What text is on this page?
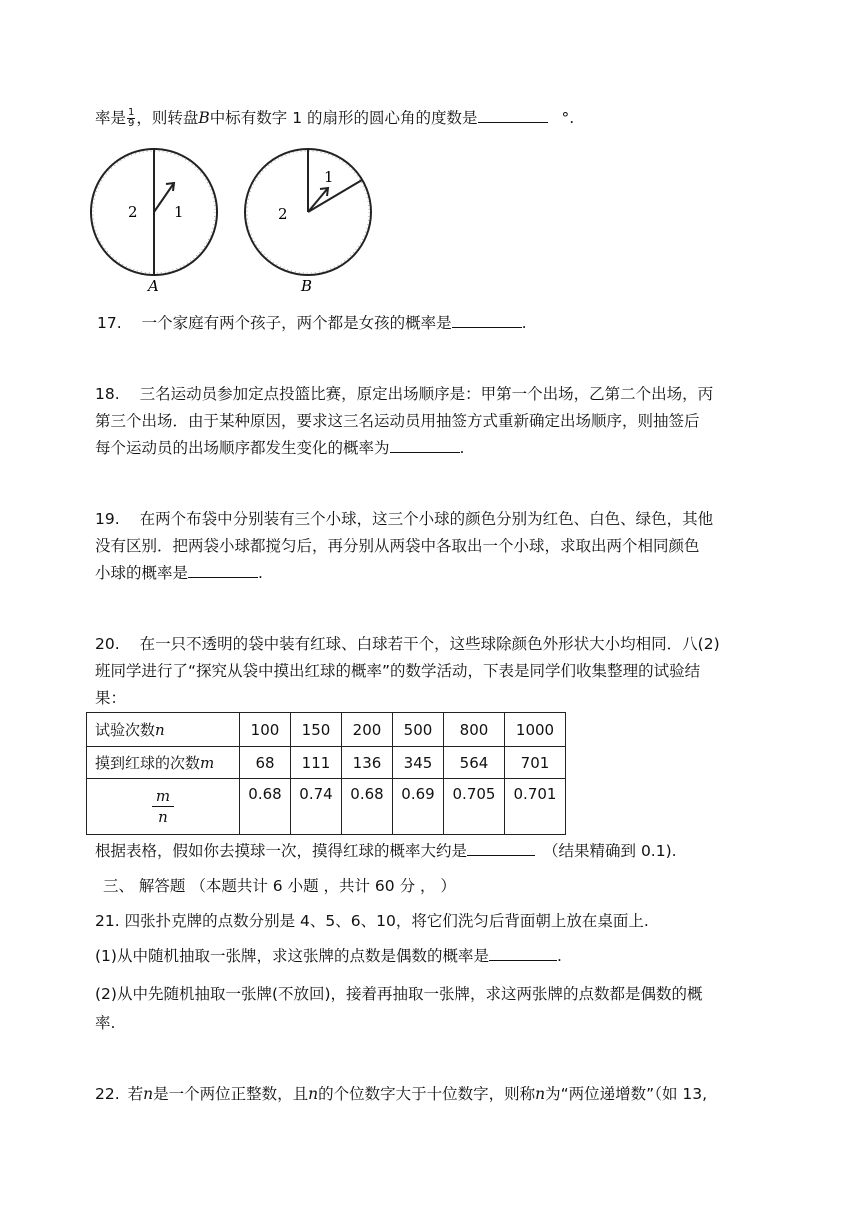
率是 $\frac{1}{9}$ ，则转盘B中标有数字 1 的扇形的圆心角的度数是	°.
2 1
A
1
2
B
17. 一个家庭有两个孩子，两个都是女孩的概率是	.
18. 三名运动员参加定点投篮比赛，原定出场顺序是：甲第一个出场，乙第二个出场，丙
第三个出场．由于某种原因，要求这三名运动员用抽签方式重新确定出场顺序，则抽签后
每个运动员的出场顺序都发生变化的概率为	.
19. 在两个布袋中分别装有三个小球，这三个小球的颜色分别为红色、白色、绿色，其他
没有区别．把两袋小球都搅匀后，再分别从两袋中各取出一个小球，求取出两个相同颜色
小球的概率是	.
20. 在一只不透明的袋中装有红球、白球若干个，这些球除颜色外形状大小均相同．八(2)
班同学进行了“探究从袋中摸出红球的概率”的数学活动，下表是同学们收集整理的试验结
果：
试验次数n	100	150	200	500	800	1000
摸到红球的次数m	68	111	136	345	564	701

$\frac{m}{n}$	0.68	0.74	0.68	0.69	0.705	0.701
根据表格，假如你去摸球一次，摸得红球的概率大约是	（结果精确到 0.1).
三、 解答题 （本题共计 6 小题 ，共计 60 分 ， ）
21. 四张扑克牌的点数分别是 4、5、6、10，将它们洗匀后背面朝上放在桌面上.
(1)从中随机抽取一张牌，求这张牌的点数是偶数的概率是	.
(2)从中先随机抽取一张牌(不放回)，接着再抽取一张牌，求这两张牌的点数都是偶数的概
率.
22. 若n是一个两位正整数，且n的个位数字大于十位数字，则称n为“两位递增数”（如 13,
